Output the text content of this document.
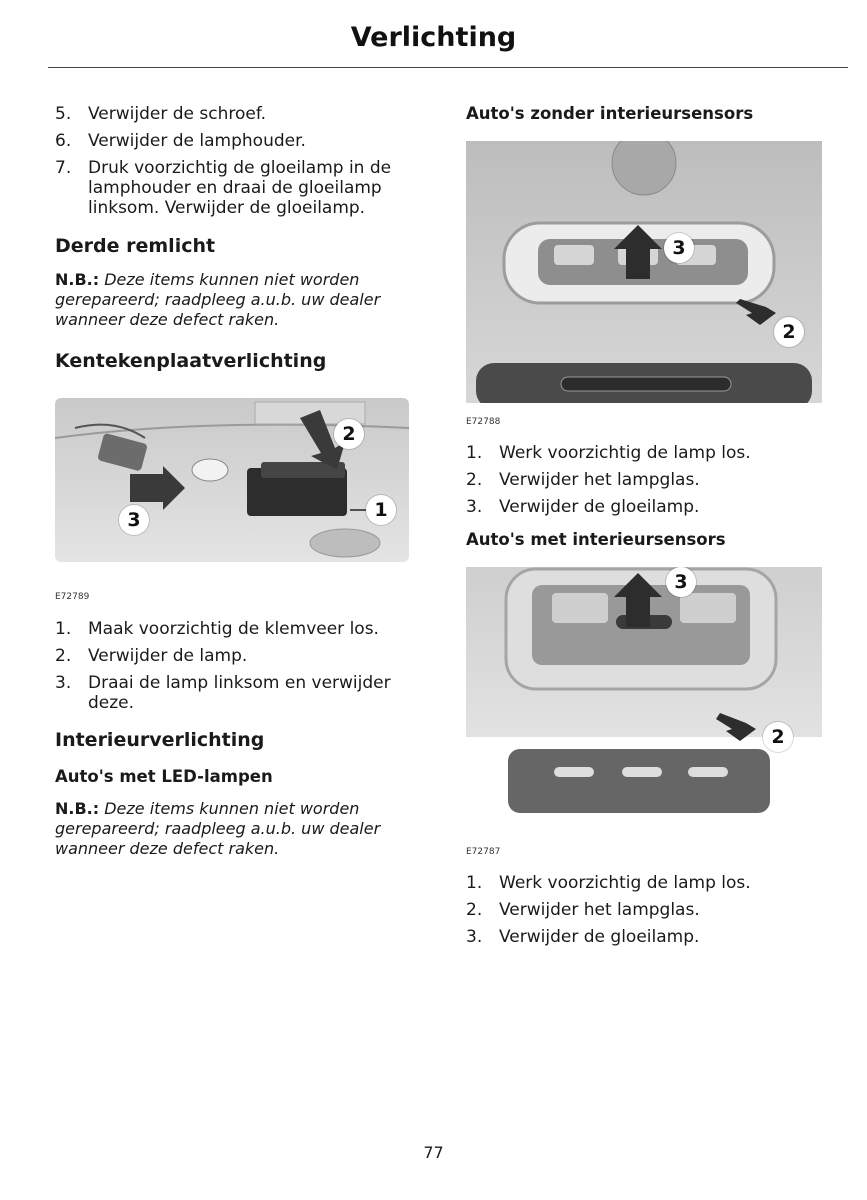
Verlichting
5. Verwijder de schroef.
6. Verwijder de lamphouder.
7. Druk voorzichtig de gloeilamp in de lamphouder en draai de gloeilamp linksom. Verwijder de gloeilamp.
Derde remlicht

N.B.: Deze items kunnen niet worden gerepareerd; raadpleeg a.u.b. uw dealer wanneer deze defect raken.

Kentekenplaatverlichting
2
1
3
E72789
1. Maak voorzichtig de klemveer los.
2. Verwijder de lamp.
3. Draai de lamp linksom en verwijder deze.
Interieurverlichting
Auto's met LED-lampen

N.B.: Deze items kunnen niet worden gerepareerd; raadpleeg a.u.b. uw dealer wanneer deze defect raken.

Auto's zonder interieursensors
3
2
E72788
1. Werk voorzichtig de lamp los.
2. Verwijder het lampglas.
3. Verwijder de gloeilamp.
Auto's met interieursensors
3
2
E72787
1. Werk voorzichtig de lamp los.
2. Verwijder het lampglas.
3. Verwijder de gloeilamp.
77
